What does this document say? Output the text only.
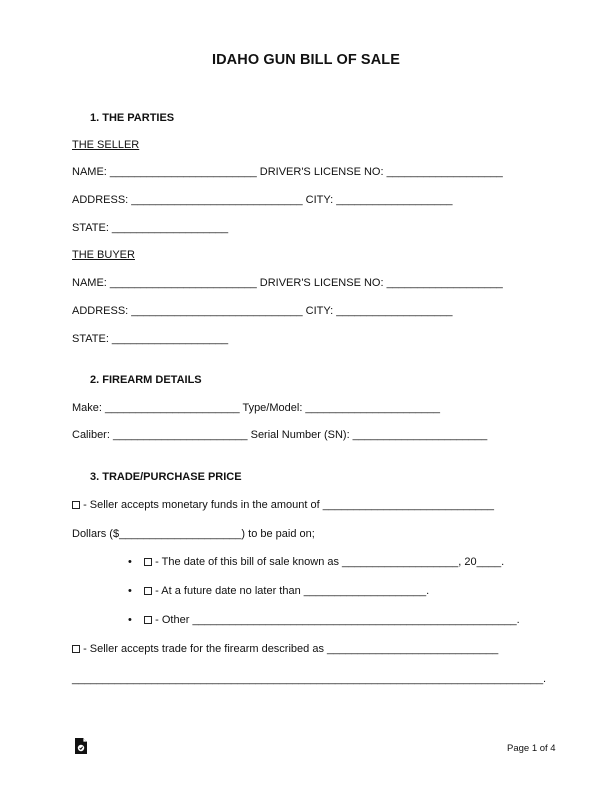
IDAHO GUN BILL OF SALE
1. THE PARTIES
THE SELLER
NAME: ________________________ DRIVER'S LICENSE NO: ___________________
ADDRESS: ____________________________ CITY: ___________________
STATE: ___________________
THE BUYER
NAME: ________________________ DRIVER'S LICENSE NO: ___________________
ADDRESS: ____________________________ CITY: ___________________
STATE: ___________________
2. FIREARM DETAILS
Make: ______________________ Type/Model: ______________________
Caliber: ______________________ Serial Number (SN): ______________________
3. TRADE/PURCHASE PRICE
- Seller accepts monetary funds in the amount of ____________________________
Dollars ($____________________) to be paid on;
• - The date of this bill of sale known as ___________________, 20____.
• - At a future date no later than ____________________.
• - Other _____________________________________________________.
- Seller accepts trade for the firearm described as ____________________________
_____________________________________________________________________________.
Page 1 of 4
